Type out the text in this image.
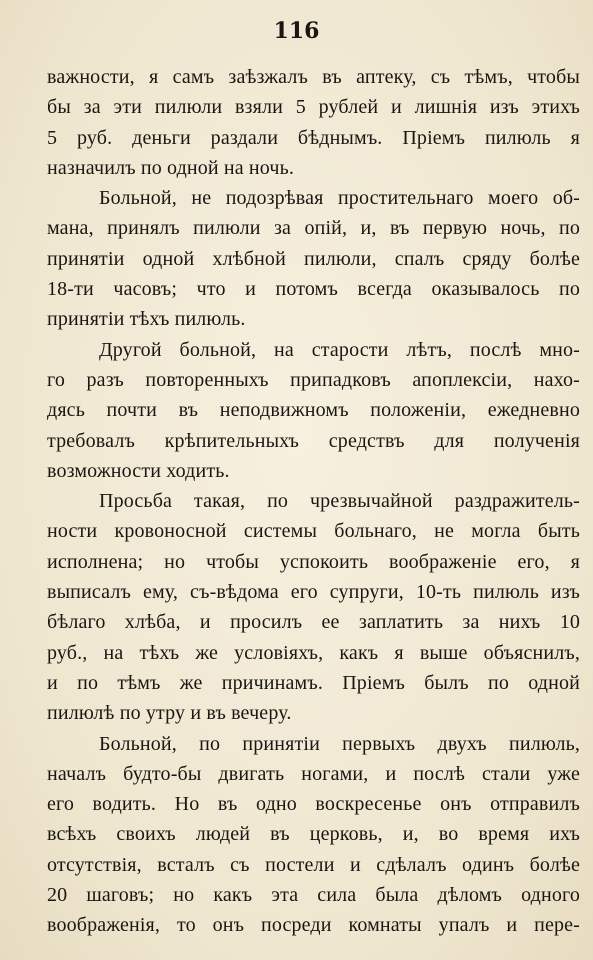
116
важности, я самъ заѣзжалъ въ аптеку, съ тѣмъ, чтобы
бы за эти пилюли взяли 5 рублей и лишнія изъ этихъ
5 руб. деньги раздали бѣднымъ. Пріемъ пилюль я
назначилъ по одной на ночь.
Больной, не подозрѣвая простительнаго моего об-
мана, принялъ пилюли за опій, и, въ первую ночь, по
принятіи одной хлѣбной пилюли, спалъ сряду болѣе
18-ти часовъ; что и потомъ всегда оказывалось по
принятіи тѣхъ пилюль.
Другой больной, на старости лѣтъ, послѣ мно-
го разъ повторенныхъ припадковъ апоплексіи, нахо-
дясь почти въ неподвижномъ положеніи, ежедневно
требовалъ крѣпительныхъ средствъ для полученія
возможности ходить.
Просьба такая, по чрезвычайной раздражитель-
ности кровоносной системы больнаго, не могла быть
исполнена; но чтобы успокоить воображеніе его, я
выписалъ ему, съ-вѣдома его супруги, 10-ть пилюль изъ
бѣлаго хлѣба, и просилъ ее заплатить за нихъ 10
руб., на тѣхъ же условіяхъ, какъ я выше объяснилъ,
и по тѣмъ же причинамъ. Пріемъ былъ по одной
пилюлѣ по утру и въ вечеру.
Больной, по принятіи первыхъ двухъ пилюль,
началъ будто-бы двигать ногами, и послѣ стали уже
его водить. Но въ одно воскресенье онъ отправилъ
всѣхъ своихъ людей въ церковь, и, во время ихъ
отсутствія, всталъ съ постели и сдѣлалъ одинъ болѣе
20 шаговъ; но какъ эта сила была дѣломъ одного
воображенія, то онъ посреди комнаты упалъ и пере-
